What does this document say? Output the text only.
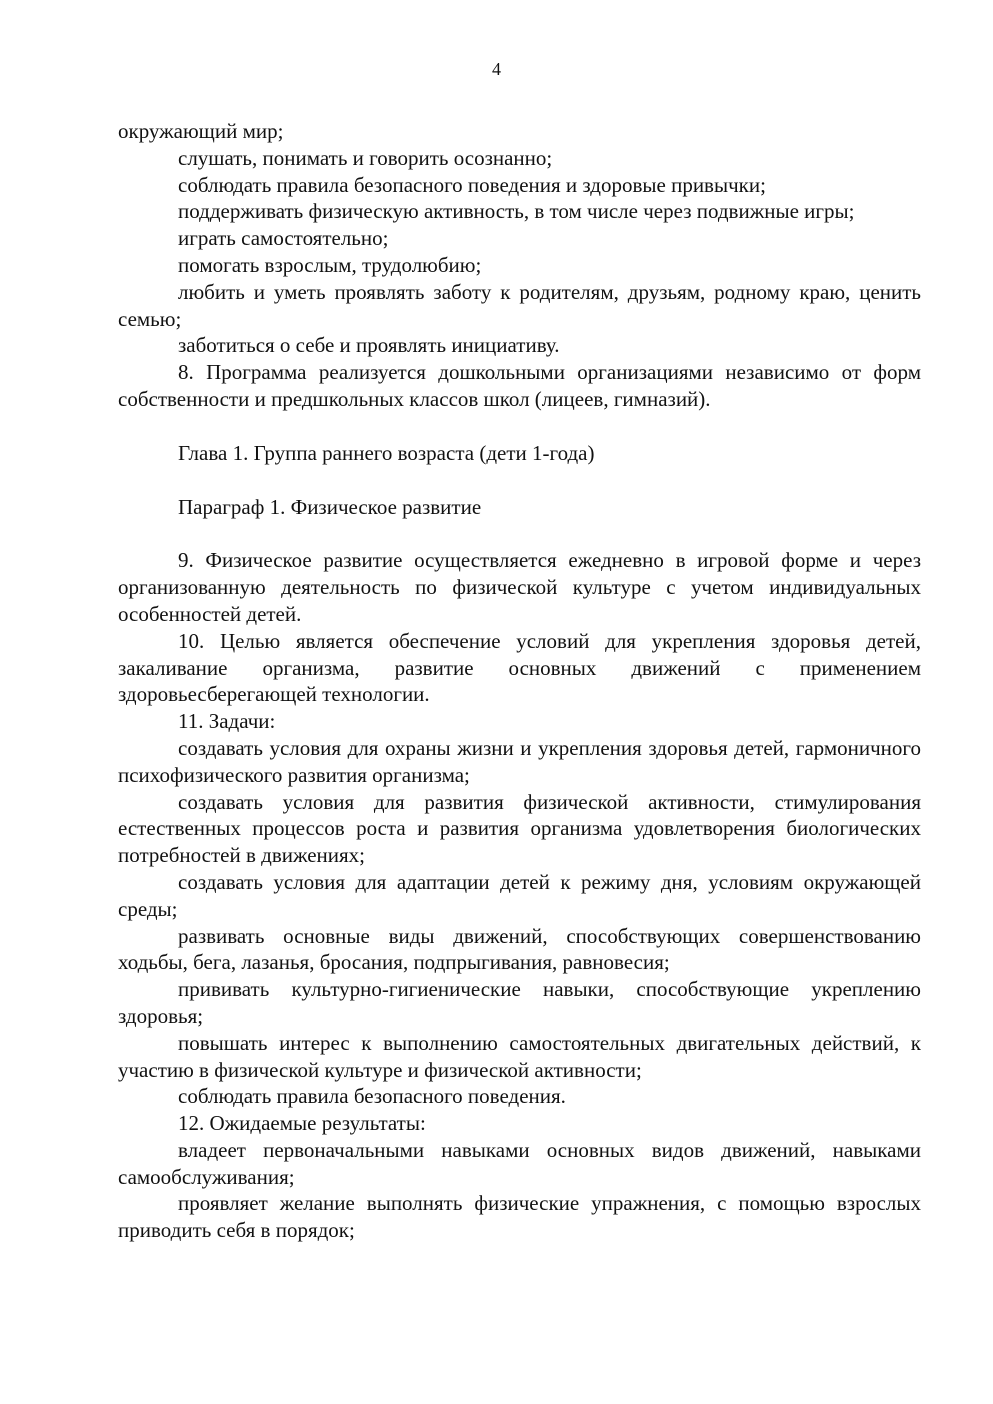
4

окружающий мир;

слушать, понимать и говорить осознанно;

соблюдать правила безопасного поведения и здоровые привычки;

поддерживать физическую активность, в том числе через подвижные игры;

играть самостоятельно;

помогать взрослым, трудолюбию;

любить и уметь проявлять заботу к родителям, друзьям, родному краю, ценить семью;

заботиться о себе и проявлять инициативу.

8. Программа реализуется дошкольными организациями независимо от форм собственности и предшкольных классов школ (лицеев, гимназий).

Глава 1. Группа раннего возраста (дети 1-года)

Параграф 1. Физическое развитие

9. Физическое развитие осуществляется ежедневно в игровой форме и через организованную деятельность по физической культуре с учетом индивидуальных особенностей детей.

10. Целью является обеспечение условий для укрепления здоровья детей, закаливание организма, развитие основных движений с применением здоровьесберегающей технологии.

11. Задачи:

создавать условия для охраны жизни и укрепления здоровья детей, гармоничного психофизического развития организма;

создавать условия для развития физической активности, стимулирования естественных процессов роста и развития организма удовлетворения биологических потребностей в движениях;

создавать условия для адаптации детей к режиму дня, условиям окружающей среды;

развивать основные виды движений, способствующих совершенствованию ходьбы, бега, лазанья, бросания, подпрыгивания, равновесия;

прививать культурно-гигиенические навыки, способствующие укреплению здоровья;

повышать интерес к выполнению самостоятельных двигательных действий, к участию в физической культуре и физической активности;

соблюдать правила безопасного поведения.

12. Ожидаемые результаты:

владеет первоначальными навыками основных видов движений, навыками самообслуживания;

проявляет желание выполнять физические упражнения, с помощью взрослых приводить себя в порядок;
